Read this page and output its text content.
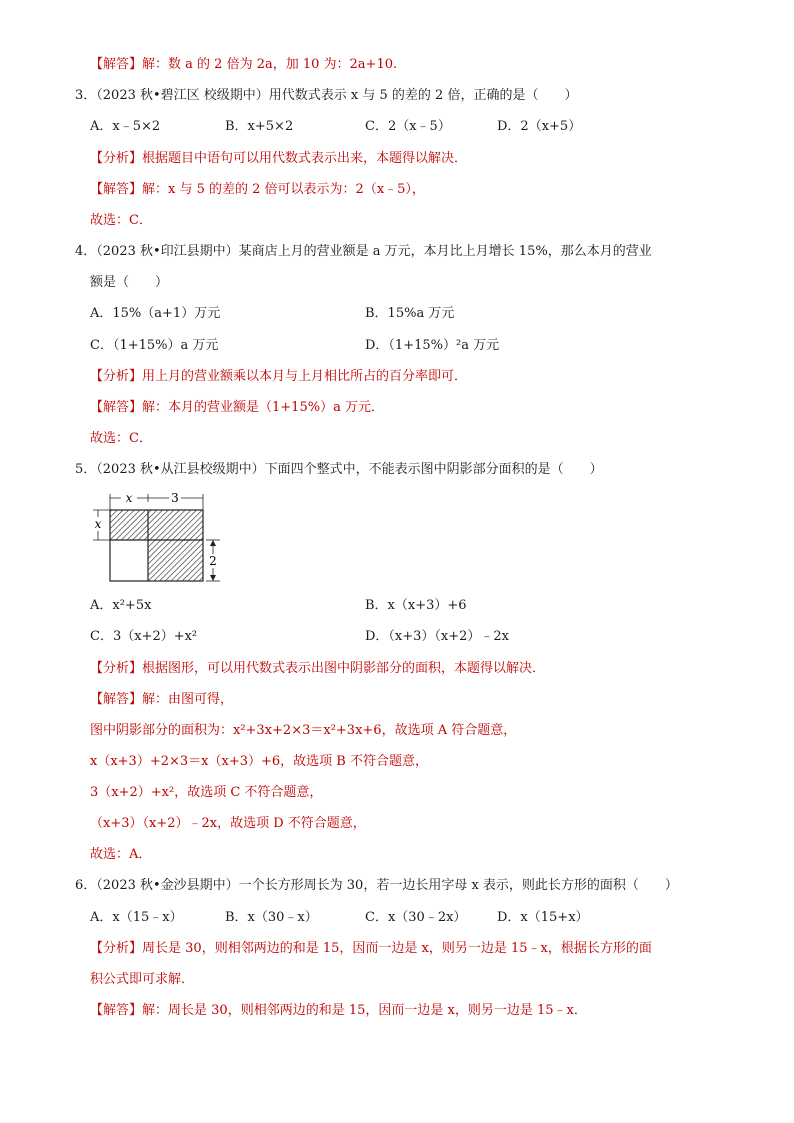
【解答】解：数 a 的 2 倍为 2a，加 10 为：2a+10.
3．（2023 秋•碧江区 校级期中）用代数式表示 x 与 5 的差的 2 倍，正确的是（　　）
A．x﹣5×2	B．x+5×2	C．2（x﹣5）	D．2（x+5）
【分析】根据题目中语句可以用代数式表示出来，本题得以解决．
【解答】解：x 与 5 的差的 2 倍可以表示为：2（x﹣5），
故选：C．
4．（2023 秋•印江县期中）某商店上月的营业额是 a 万元，本月比上月增长 15%，那么本月的营业
额是（　　）
A．15%（a+1）万元	B．15%a 万元
C．（1+15%）a 万元	D．（1+15%）²a 万元
【分析】用上月的营业额乘以本月与上月相比所占的百分率即可．
【解答】解：本月的营业额是（1+15%）a 万元．
故选：C．
5．（2023 秋•从江县校级期中）下面四个整式中，不能表示图中阴影部分面积的是（　　）
x	3
x
2
A．x²+5x	B．x（x+3）+6
C．3（x+2）+x²	D．（x+3）（x+2）﹣2x
【分析】根据图形，可以用代数式表示出图中阴影部分的面积，本题得以解决．
【解答】解：由图可得，
图中阴影部分的面积为：x²+3x+2×3＝x²+3x+6，故选项 A 符合题意，
x（x+3）+2×3＝x（x+3）+6，故选项 B 不符合题意，
3（x+2）+x²，故选项 C 不符合题意，
（x+3）（x+2）﹣2x，故选项 D 不符合题意，
故选：A．
6．（2023 秋•金沙县期中）一个长方形周长为 30，若一边长用字母 x 表示，则此长方形的面积（　　）
A．x（15﹣x）	B．x（30﹣x）	C．x（30﹣2x） D．x（15+x）
【分析】周长是 30，则相邻两边的和是 15，因而一边是 x，则另一边是 15﹣x，根据长方形的面
积公式即可求解．
【解答】解：周长是 30，则相邻两边的和是 15，因而一边是 x，则另一边是 15﹣x．
